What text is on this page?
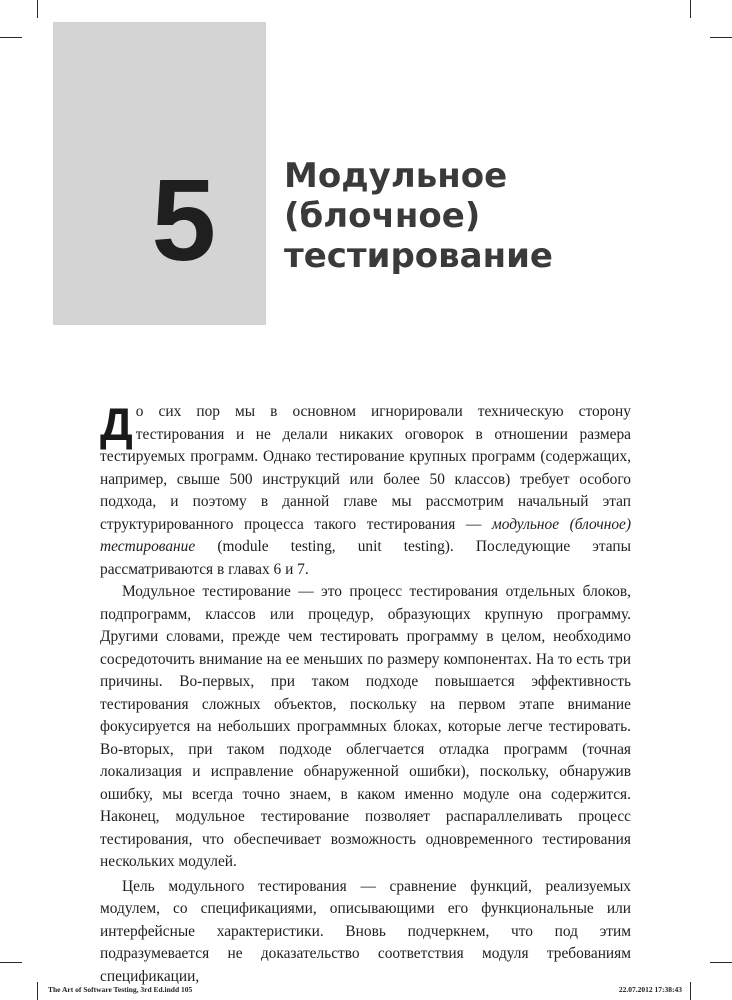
5	Модульное
(блочное)
тестирование

До сих пор мы в основном игнорировали техническую сторону тестирования и не делали никаких оговорок в отношении размера тестируемых программ. Однако тестирование крупных программ (содержащих, например, свыше 500 инструкций или более 50 классов) требует особого подхода, и поэтому в данной главе мы рассмотрим начальный этап структурированного процесса такого тестирования — модульное (блочное) тестирование (module testing, unit testing). Последующие этапы рассматриваются в главах 6 и 7.

Модульное тестирование — это процесс тестирования отдельных блоков, подпрограмм, классов или процедур, образующих крупную программу. Другими словами, прежде чем тестировать программу в целом, необходимо сосредоточить внимание на ее меньших по размеру компонентах. На то есть три причины. Во-первых, при таком подходе повышается эффективность тестирования сложных объектов, поскольку на первом этапе внимание фокусируется на небольших программных блоках, которые легче тестировать. Во-вторых, при таком подходе облегчается отладка программ (точная локализация и исправление обнаруженной ошибки), поскольку, обнаружив ошибку, мы всегда точно знаем, в каком именно модуле она содержится. Наконец, модульное тестирование позволяет распараллеливать процесс тестирования, что обеспечивает возможность одновременного тестирования нескольких модулей.

Цель модульного тестирования — сравнение функций, реализуемых модулем, со спецификациями, описывающими его функциональные или интерфейсные характеристики. Вновь подчеркнем, что под этим подразумевается не доказательство соответствия модуля требованиям спецификации,

The Art of Software Testing, 3rd Ed.indd 105	22.07.2012 17:38:43
